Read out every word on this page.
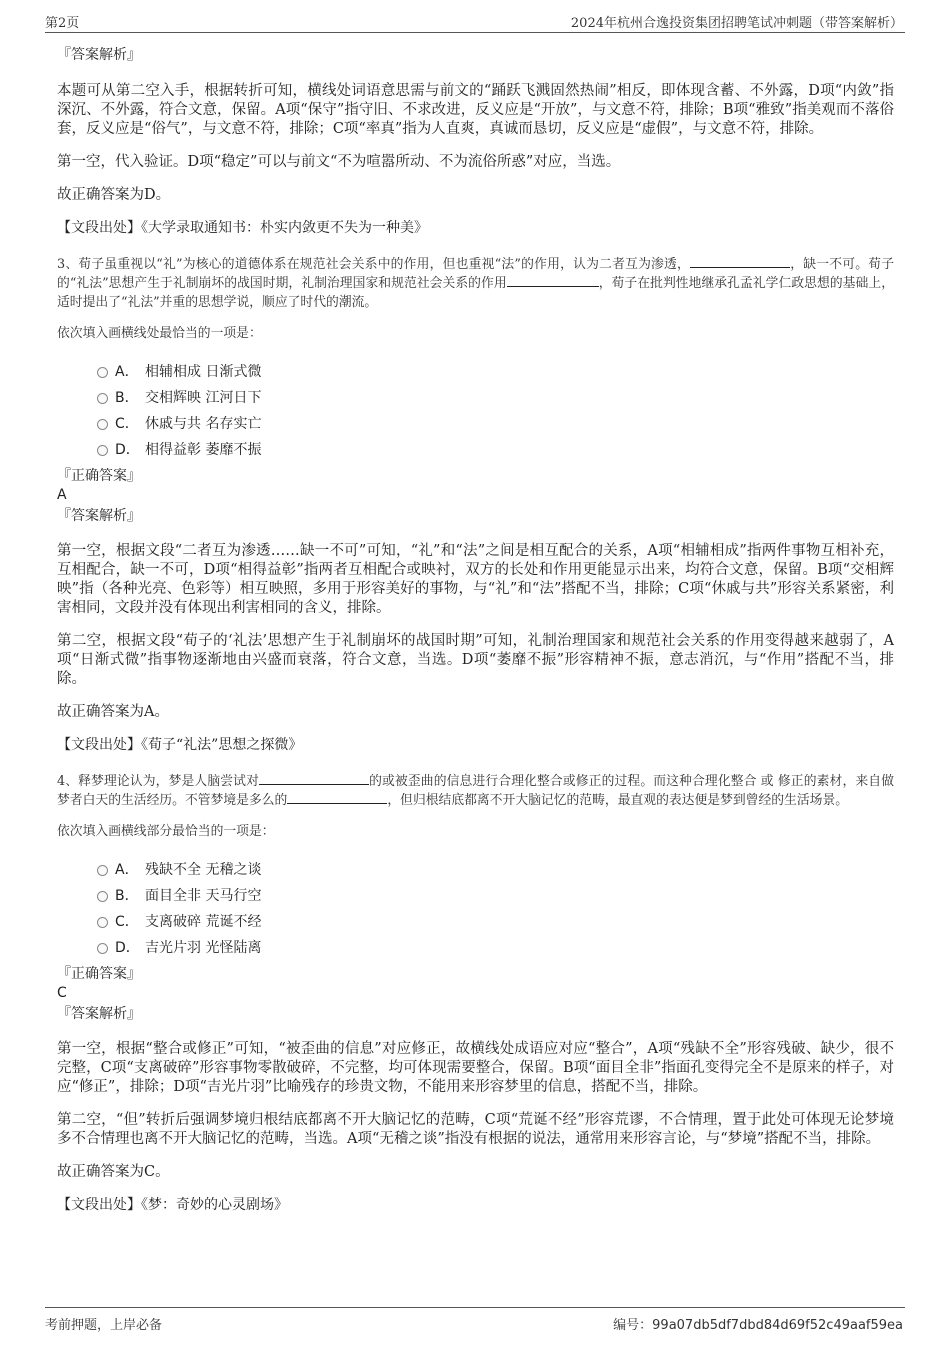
第2页	2024年杭州合逸投资集团招聘笔试冲刺题（带答案解析）

『答案解析』

本题可从第二空入手，根据转折可知，横线处词语意思需与前文的“踊跃飞溅固然热闹”相反，即体现含蓄、不外露，D项“内敛”指深沉、不外露，符合文意，保留。A项“保守”指守旧、不求改进，反义应是“开放”，与文意不符，排除；B项“雅致”指美观而不落俗套，反义应是“俗气”，与文意不符，排除；C项“率真”指为人直爽，真诚而恳切，反义应是“虚假”，与文意不符，排除。

第一空，代入验证。D项“稳定”可以与前文“不为喧嚣所动、不为流俗所惑”对应，当选。

故正确答案为D。

【文段出处】《大学录取通知书：朴实内敛更不失为一种美》

3、荀子虽重视以“礼”为核心的道德体系在规范社会关系中的作用，但也重视“法”的作用，认为二者互为渗透，	，缺一不可。荀子的“礼法”思想产生于礼制崩坏的战国时期，礼制治理国家和规范社会关系的作用	，荀子在批判性地继承孔孟礼学仁政思想的基础上，适时提出了“礼法”并重的思想学说，顺应了时代的潮流。

依次填入画横线处最恰当的一项是：

A． 相辅相成 日渐式微
B． 交相辉映 江河日下
C． 休戚与共 名存实亡
D． 相得益彰 萎靡不振

『正确答案』

A

『答案解析』

第一空，根据文段“二者互为渗透……缺一不可”可知，“礼”和“法”之间是相互配合的关系，A项“相辅相成”指两件事物互相补充，互相配合，缺一不可，D项“相得益彰”指两者互相配合或映衬，双方的长处和作用更能显示出来，均符合文意，保留。B项“交相辉映”指（各种光亮、色彩等）相互映照，多用于形容美好的事物，与“礼”和“法”搭配不当，排除；C项“休戚与共”形容关系紧密，利害相同，文段并没有体现出利害相同的含义，排除。

第二空，根据文段“荀子的‘礼法’思想产生于礼制崩坏的战国时期”可知，礼制治理国家和规范社会关系的作用变得越来越弱了，A项“日渐式微”指事物逐渐地由兴盛而衰落，符合文意，当选。D项“萎靡不振”形容精神不振，意志消沉，与“作用”搭配不当，排除。

故正确答案为A。

【文段出处】《荀子“礼法”思想之探微》

4、释梦理论认为，梦是人脑尝试对	的或被歪曲的信息进行合理化整合或修正的过程。而这种合理化整合 或 修正的素材，来自做梦者白天的生活经历。不管梦境是多么的	，但归根结底都离不开大脑记忆的范畴，最直观的表达便是梦到曾经的生活场景。

依次填入画横线部分最恰当的一项是：

A． 残缺不全 无稽之谈
B． 面目全非 天马行空
C． 支离破碎 荒诞不经
D． 吉光片羽 光怪陆离

『正确答案』

C

『答案解析』

第一空，根据“整合或修正”可知，“被歪曲的信息”对应修正，故横线处成语应对应“整合”，A项“残缺不全”形容残破、缺少，很不完整，C项“支离破碎”形容事物零散破碎，不完整，均可体现需要整合，保留。B项“面目全非”指面孔变得完全不是原来的样子，对应“修正”，排除；D项“吉光片羽”比喻残存的珍贵文物，不能用来形容梦里的信息，搭配不当，排除。

第二空，“但”转折后强调梦境归根结底都离不开大脑记忆的范畴，C项“荒诞不经”形容荒谬，不合情理，置于此处可体现无论梦境多不合情理也离不开大脑记忆的范畴，当选。A项“无稽之谈”指没有根据的说法，通常用来形容言论，与“梦境”搭配不当，排除。

故正确答案为C。

【文段出处】《梦：奇妙的心灵剧场》

考前押题，上岸必备	编号：99a07db5df7dbd84d69f52c49aaf59ea
